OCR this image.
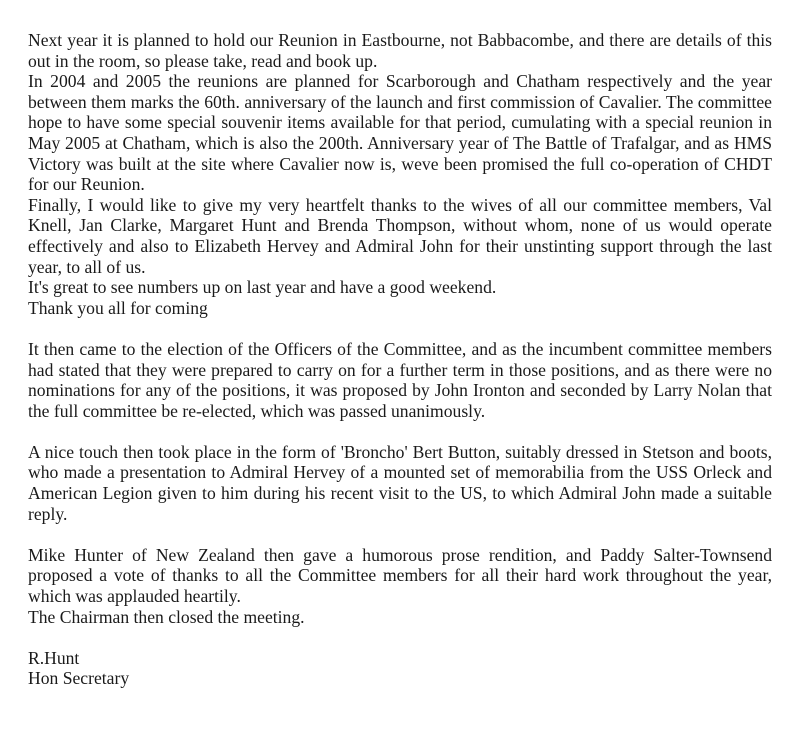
Next year it is planned to hold our Reunion in Eastbourne, not Babbacombe, and there are details of this out in the room, so please take, read and book up.

In 2004 and 2005 the reunions are planned for Scarborough and Chatham respectively and the year between them marks the 60th. anniversary of the launch and first commission of Cavalier. The committee hope to have some special souvenir items available for that period, cumulating with a special reunion in May 2005 at Chatham, which is also the 200th. Anniversary year of The Battle of Trafalgar, and as HMS Victory was built at the site where Cavalier now is, weve been promised the full co-operation of CHDT for our Reunion.

Finally, I would like to give my very heartfelt thanks to the wives of all our committee members, Val Knell, Jan Clarke, Margaret Hunt and Brenda Thompson, without whom, none of us would operate effectively and also to Elizabeth Hervey and Admiral John for their unstinting support through the last year, to all of us.

It's great to see numbers up on last year and have a good weekend.

Thank you all for coming

It then came to the election of the Officers of the Committee, and as the incumbent committee members had stated that they were prepared to carry on for a further term in those positions, and as there were no nominations for any of the positions, it was proposed by John Ironton and seconded by Larry Nolan that the full committee be re-elected, which was passed unanimously.

A nice touch then took place in the form of 'Broncho' Bert Button, suitably dressed in Stetson and boots, who made a presentation to Admiral Hervey of a mounted set of memorabilia from the USS Orleck and American Legion given to him during his recent visit to the US, to which Admiral John made a suitable reply.

Mike Hunter of New Zealand then gave a humorous prose rendition, and Paddy Salter-Townsend proposed a vote of thanks to all the Committee members for all their hard work throughout the year, which was applauded heartily.

The Chairman then closed the meeting.

R.Hunt

Hon Secretary
